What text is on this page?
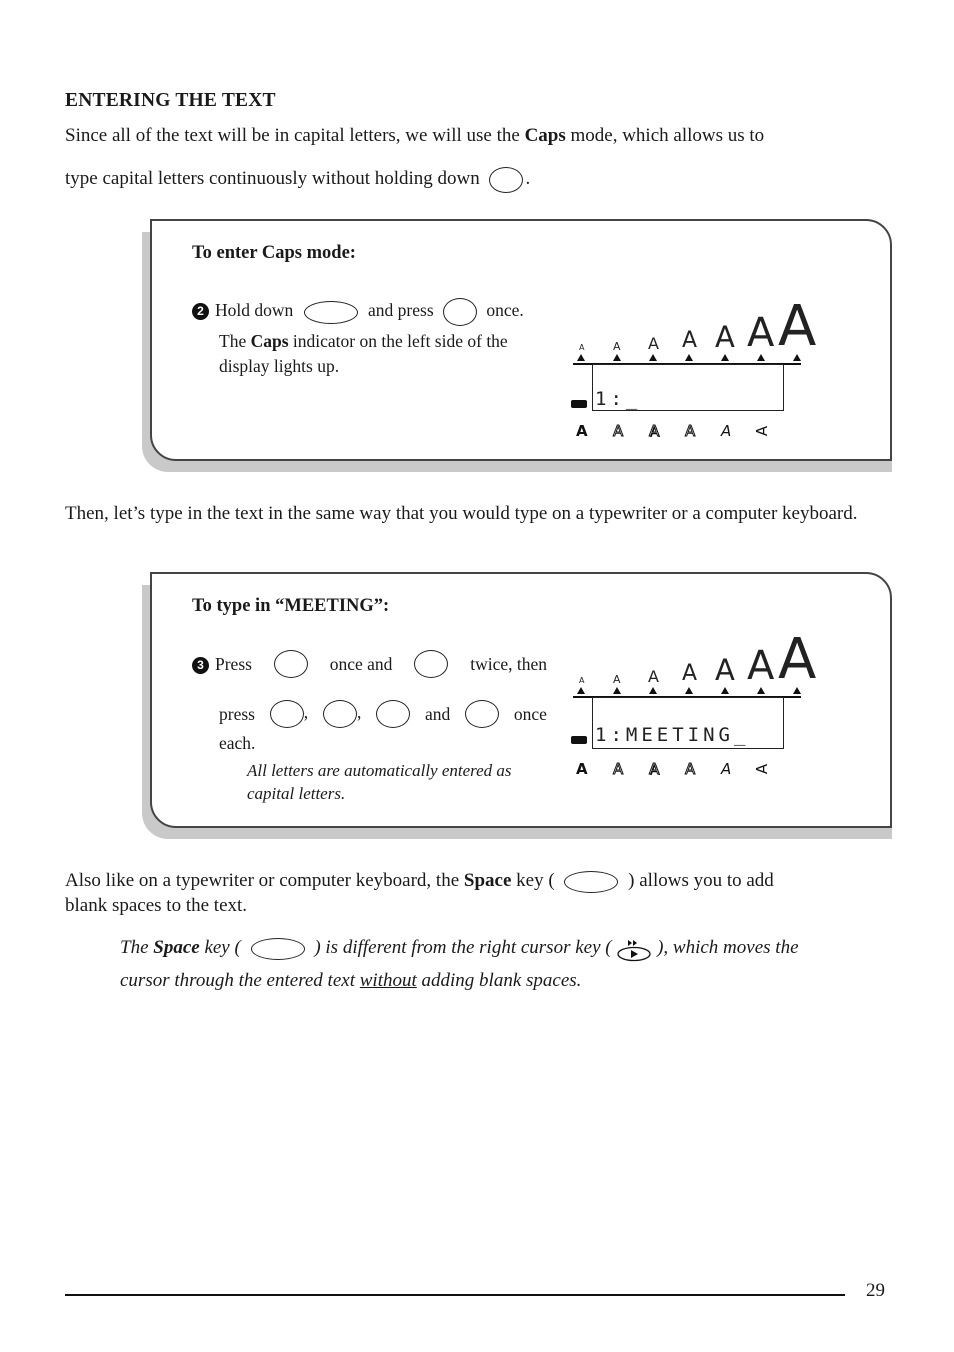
ENTERING THE TEXT
Since all of the text will be in capital letters, we will use the Caps mode, which allows us to
type capital letters continuously without holding down .
To enter Caps mode:
2 Hold down	and press	once.
The Caps indicator on the left side of the
display lights up.
A	A A A A A A
1:_
A A A A A A
Then, let’s type in the text in the same way that you would type on a typewriter or a computer keyboard.
To type in “MEETING”:
3 Press	once and	twice, then
press	,	,	and	once
each.
All letters are automatically entered as
capital letters.
A	A A A A A A
1:MEETING_
A A A A A A
Also like on a typewriter or computer keyboard, the Space key (	) allows you to add
blank spaces to the text.
The Space key (	) is different from the right cursor key ( ), which moves the
cursor through the entered text without adding blank spaces.
29
